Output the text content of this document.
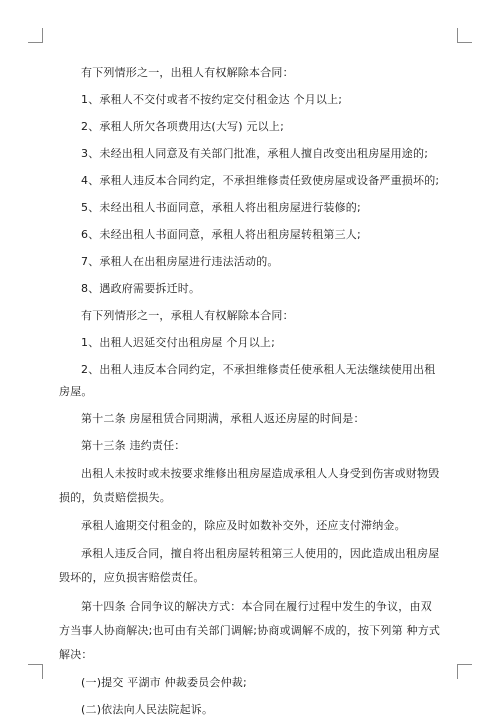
有下列情形之一，出租人有权解除本合同：

1、承租人不交付或者不按约定交付租金达 个月以上;

2、承租人所欠各项费用达(大写) 元以上;

3、未经出租人同意及有关部门批准，承租人擅自改变出租房屋用途的;

4、承租人违反本合同约定，不承担维修责任致使房屋或设备严重损坏的;

5、未经出租人书面同意，承租人将出租房屋进行装修的;

6、未经出租人书面同意，承租人将出租房屋转租第三人;

7、承租人在出租房屋进行违法活动的。

8、遇政府需要拆迁时。

有下列情形之一，承租人有权解除本合同：

1、出租人迟延交付出租房屋 个月以上;

2、出租人违反本合同约定，不承担维修责任使承租人无法继续使用出租房屋。

第十二条 房屋租赁合同期满，承租人返还房屋的时间是：

第十三条 违约责任：

出租人未按时或未按要求维修出租房屋造成承租人人身受到伤害或财物毁损的，负责赔偿损失。

承租人逾期交付租金的，除应及时如数补交外，还应支付滞纳金。

承租人违反合同，擅自将出租房屋转租第三人使用的，因此造成出租房屋毁坏的，应负损害赔偿责任。

第十四条 合同争议的解决方式：本合同在履行过程中发生的争议，由双方当事人协商解决;也可由有关部门调解;协商或调解不成的，按下列第 种方式解决：

(一)提交 平湖市 仲裁委员会仲裁;

(二)依法向人民法院起诉。
